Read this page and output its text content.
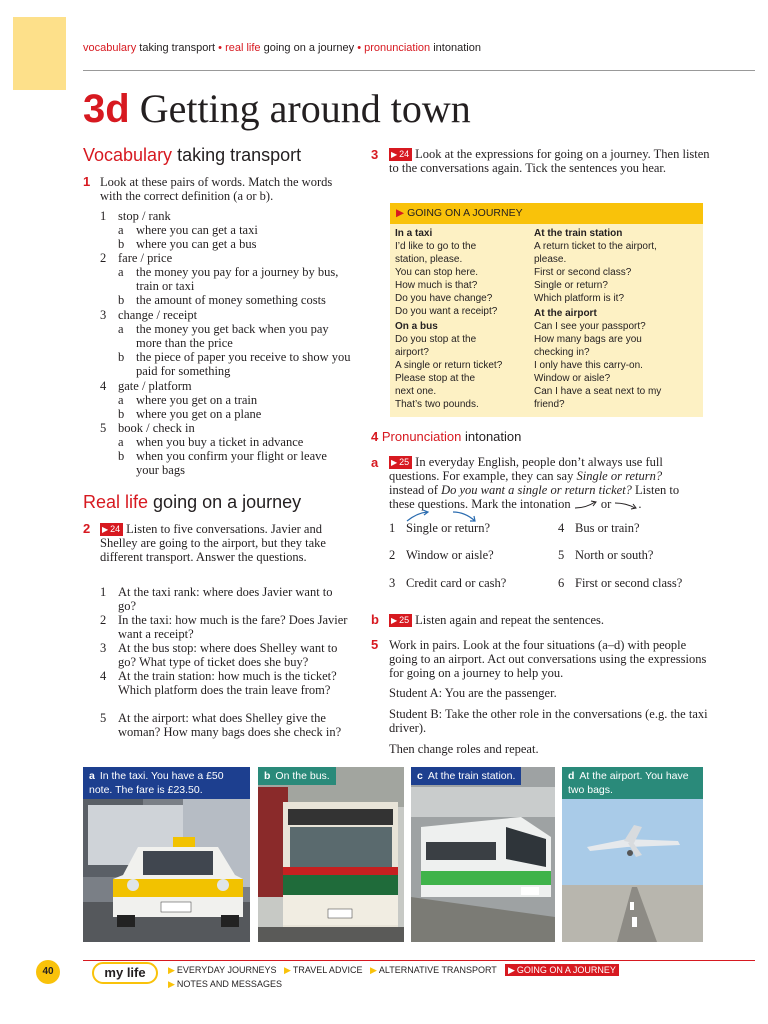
vocabulary taking transport • real life going on a journey • pronunciation intonation
3d Getting around town
Vocabulary taking transport
1 Look at these pairs of words. Match the words with the correct definition (a or b).
1 stop / rank
a where you can get a taxi
b where you can get a bus
2 fare / price
a the money you pay for a journey by bus, train or taxi
b the amount of money something costs
3 change / receipt
a the money you get back when you pay more than the price
b the piece of paper you receive to show you paid for something
4 gate / platform
a where you get on a train
b where you get on a plane
5 book / check in
a when you buy a ticket in advance
b when you confirm your flight or leave your bags
Real life going on a journey
2 ▶ 24 Listen to five conversations. Javier and Shelley are going to the airport, but they take different transport. Answer the questions.
1 At the taxi rank: where does Javier want to go?
2 In the taxi: how much is the fare? Does Javier want a receipt?
3 At the bus stop: where does Shelley want to go? What type of ticket does she buy?
4 At the train station: how much is the ticket? Which platform does the train leave from?
5 At the airport: what does Shelley give the woman? How many bags does she check in?
3 ▶ 24 Look at the expressions for going on a journey. Then listen to the conversations again. Tick the sentences you hear.
▶ GOING ON A JOURNEY
In a taxi
I’d like to go to the
station, please.
You can stop here.
How much is that?
Do you have change?
Do you want a receipt?
On a bus
Do you stop at the
airport?
A single or return ticket?
Please stop at the
next one.
That’s two pounds.
At the train station
A return ticket to the airport,
please.
First or second class?
Single or return?
Which platform is it?
At the airport
Can I see your passport?
How many bags are you
checking in?
I only have this carry-on.
Window or aisle?
Can I have a seat next to my
friend?
4 Pronunciation intonation
a ▶ 25 In everyday English, people don’t always use full
questions. For example, they can say Single or return?
instead of Do you want a single or return ticket? Listen to
these questions. Mark the intonation or .
1 Single or return?	4 Bus or train?
2 Window or aisle?	5 North or south?
3 Credit card or cash?	6 First or second class?
b ▶ 25 Listen again and repeat the sentences.
5 Work in pairs. Look at the four situations (a–d) with people going to an airport. Act out conversations using the expressions for going on a journey to help you.
Student A: You are the passenger.
Student B: Take the other role in the conversations (e.g. the taxi driver).
Then change roles and repeat.
a In the taxi. You have a £50 note. The fare is £23.50.
b On the bus.	c At the train station.	d At the airport. You have two bags.
40	my life	▶ EVERYDAY JOURNEYS ▶ TRAVEL ADVICE ▶ ALTERNATIVE TRANSPORT	▶ GOING ON A JOURNEY
▶ NOTES AND MESSAGES
